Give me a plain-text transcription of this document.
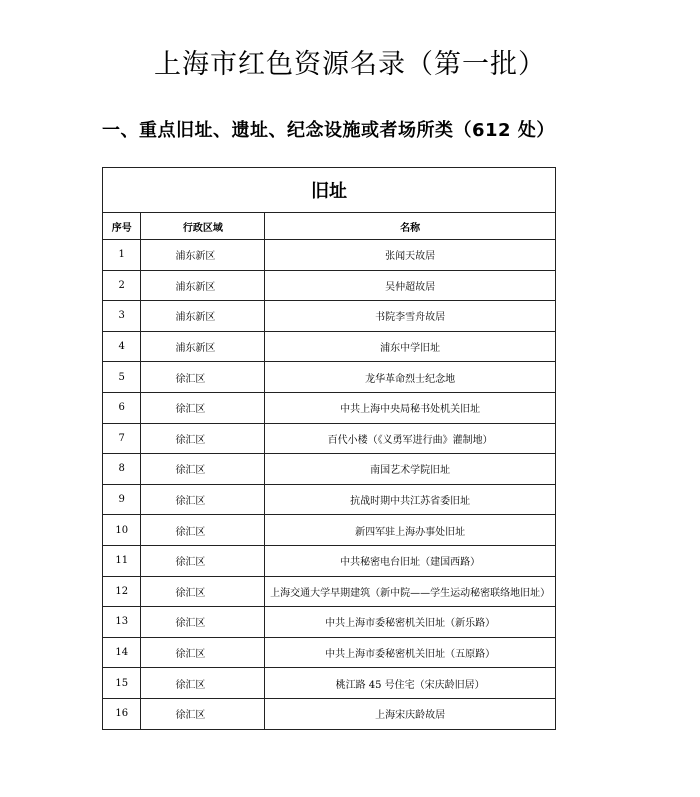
上海市红色资源名录（第一批）
一、重点旧址、遗址、纪念设施或者场所类（612 处）
旧址		
序号	行政区域	名称
1	浦东新区	张闻天故居
2	浦东新区	吴仲超故居
3	浦东新区	书院李雪舟故居
4	浦东新区	浦东中学旧址
5	徐汇区	龙华革命烈士纪念地
6	徐汇区	中共上海中央局秘书处机关旧址
7	徐汇区	百代小楼（《义勇军进行曲》灌制地）
8	徐汇区	南国艺术学院旧址
9	徐汇区	抗战时期中共江苏省委旧址
10	徐汇区	新四军驻上海办事处旧址
11	徐汇区	中共秘密电台旧址（建国西路）
12	徐汇区	上海交通大学早期建筑（新中院——学生运动秘密联络地旧址）
13	徐汇区	中共上海市委秘密机关旧址（新乐路）
14	徐汇区	中共上海市委秘密机关旧址（五原路）
15	徐汇区	桃江路 45 号住宅（宋庆龄旧居）
16	徐汇区	上海宋庆龄故居
